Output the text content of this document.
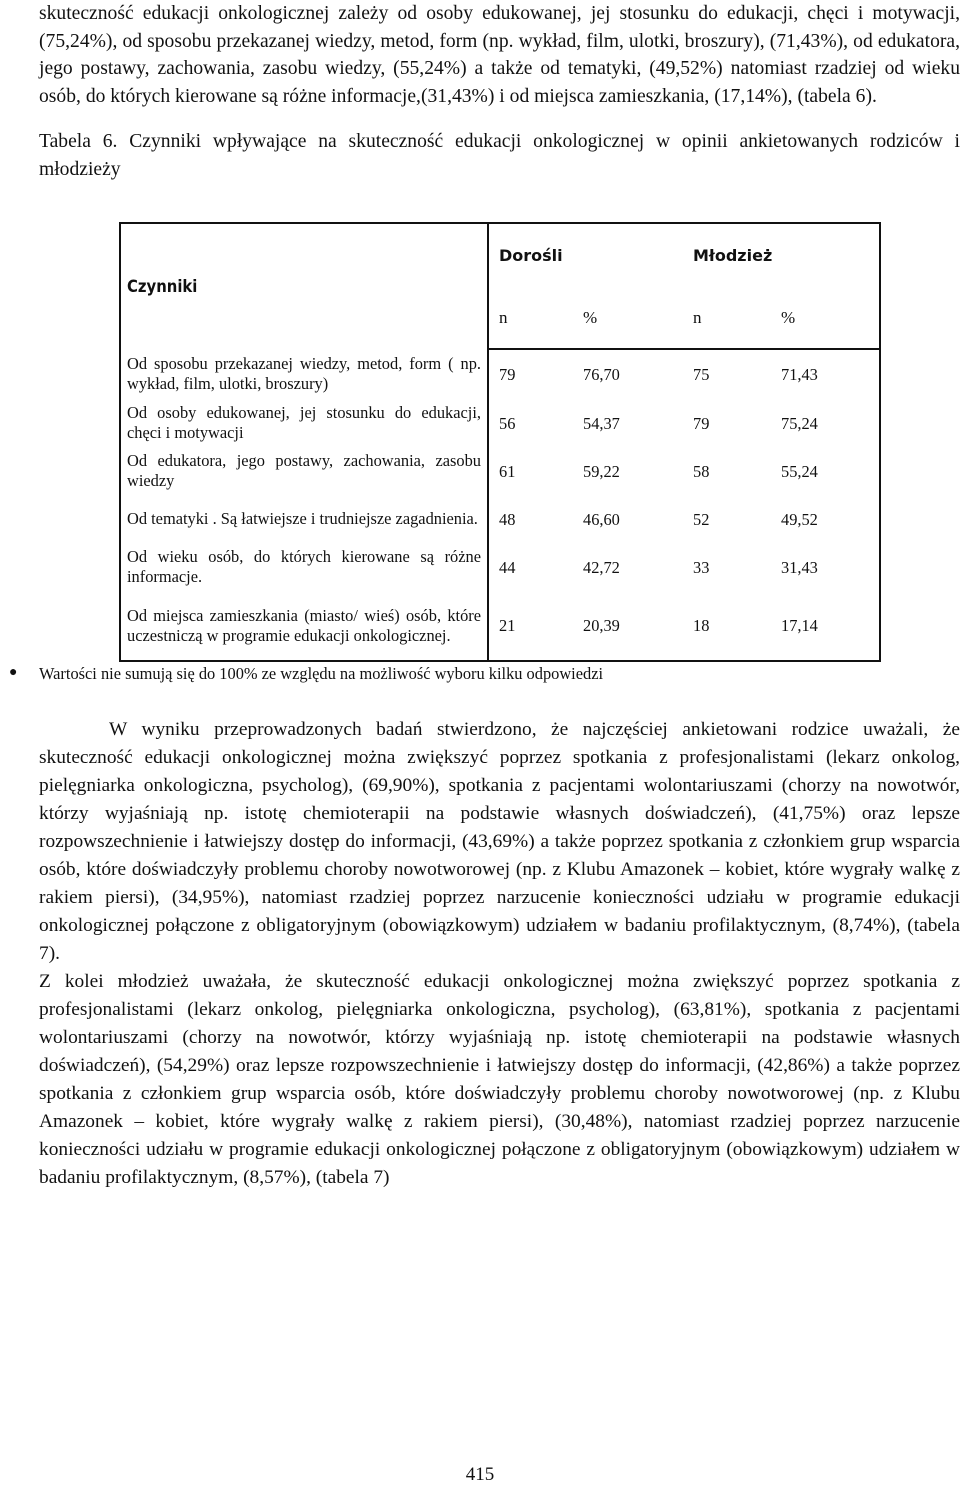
skuteczność edukacji onkologicznej zależy od osoby edukowanej, jej stosunku do edukacji, chęci i motywacji, (75,24%), od sposobu przekazanej wiedzy, metod, form (np. wykład, film, ulotki, broszury), (71,43%), od edukatora, jego postawy, zachowania, zasobu wiedzy, (55,24%) a także od tematyki, (49,52%) natomiast rzadziej od wieku osób, do których kierowane są różne informacje,(31,43%) i od miejsca zamieszkania, (17,14%), (tabela 6).

Tabela 6. Czynniki wpływające na skuteczność edukacji onkologicznej w opinii ankietowanych rodziców i młodzieży

Czynniki	Dorośli		Młodzież	
	n	%	n	%
Od sposobu przekazanej wiedzy, metod, form ( np. wykład, film, ulotki, broszury)	79	76,70	75	71,43
Od osoby edukowanej, jej stosunku do edukacji, chęci i motywacji	56	54,37	79	75,24
Od edukatora, jego postawy, zachowania, zasobu wiedzy	61	59,22	58	55,24
Od tematyki . Są łatwiejsze i trudniejsze zagadnienia.	48	46,60	52	49,52
Od wieku osób, do których kierowane są różne informacje.	44	42,72	33	31,43
Od miejsca zamieszkania (miasto/ wieś) osób, które uczestniczą w programie edukacji onkologicznej.	21	20,39	18	17,14
● Wartości nie sumują się do 100% ze względu na możliwość wyboru kilku odpowiedzi

W wyniku przeprowadzonych badań stwierdzono, że najczęściej ankietowani rodzice uważali, że skuteczność edukacji onkologicznej można zwiększyć poprzez spotkania z profesjonalistami (lekarz onkolog, pielęgniarka onkologiczna, psycholog), (69,90%), spotkania z pacjentami wolontariuszami (chorzy na nowotwór, którzy wyjaśniają np. istotę chemioterapii na podstawie własnych doświadczeń), (41,75%) oraz lepsze rozpowszechnienie i łatwiejszy dostęp do informacji, (43,69%) a także poprzez spotkania z członkiem grup wsparcia osób, które doświadczyły problemu choroby nowotworowej (np. z Klubu Amazonek – kobiet, które wygrały walkę z rakiem piersi), (34,95%), natomiast rzadziej poprzez narzucenie konieczności udziału w programie edukacji onkologicznej połączone z obligatoryjnym (obowiązkowym) udziałem w badaniu profilaktycznym, (8,74%), (tabela 7).

Z kolei młodzież uważała, że skuteczność edukacji onkologicznej można zwiększyć poprzez spotkania z profesjonalistami (lekarz onkolog, pielęgniarka onkologiczna, psycholog), (63,81%), spotkania z pacjentami wolontariuszami (chorzy na nowotwór, którzy wyjaśniają np. istotę chemioterapii na podstawie własnych doświadczeń), (54,29%) oraz lepsze rozpowszechnienie i łatwiejszy dostęp do informacji, (42,86%) a także poprzez spotkania z członkiem grup wsparcia osób, które doświadczyły problemu choroby nowotworowej (np. z Klubu Amazonek – kobiet, które wygrały walkę z rakiem piersi), (30,48%), natomiast rzadziej poprzez narzucenie konieczności udziału w programie edukacji onkologicznej połączone z obligatoryjnym (obowiązkowym) udziałem w badaniu profilaktycznym, (8,57%), (tabela 7)

415
